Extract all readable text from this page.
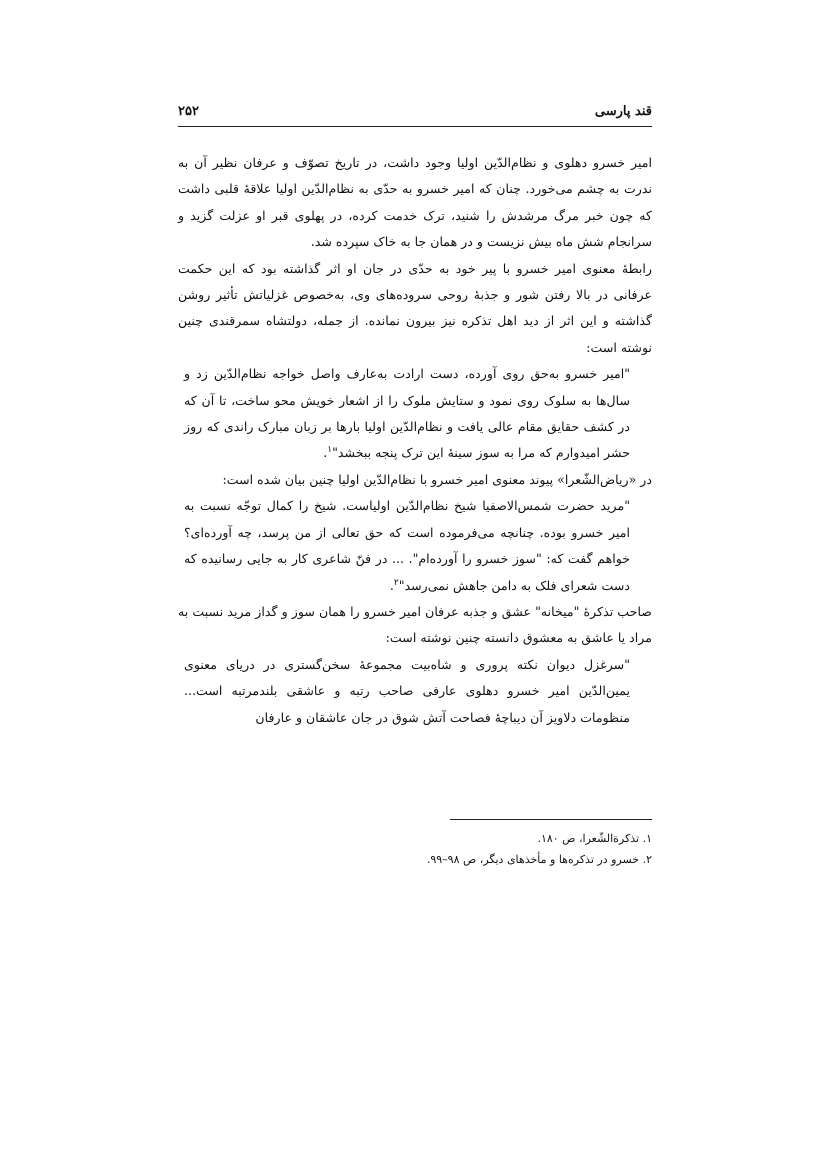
قند پارسی
۲۵۲

امیر خسرو دهلوی و نظام‌الدّین اولیا وجود داشت، در تاریخ تصوّف و عرفان نظیر آن به ندرت به چشم می‌خورد. چنان که امیر خسرو به حدّی به نظام‌الدّین اولیا علاقهٔ قلبی داشت که چون خبر مرگ مرشدش را شنید، ترک خدمت کرده، در پهلوی قبر او عزلت گزید و سرانجام شش ماه بیش نزیست و در همان جا به خاک سپرده شد.

رابطهٔ معنوی امیر خسرو با پیر خود به حدّی در جان او اثر گذاشته بود که این حکمت عرفانی در بالا رفتن شور و جذبهٔ روحی سروده‌های وی، به‌خصوص غزلیاتش تأثیر روشن گذاشته و این اثر از دید اهل تذکره نیز بیرون نمانده. از جمله، دولتشاه سمرقندی چنین نوشته است:

"امیر خسرو به‌حق روی آورده، دست ارادت به‌عارف واصل خواجه نظام‌الدّین زد و سال‌ها به سلوک روی نمود و ستایش ملوک را از اشعار خویش محو ساخت، تا آن که در کشف حقایق مقام عالی یافت و نظام‌الدّین اولیا بارها بر زبان مبارک راندی که روز حشر امیدوارم که مرا به سوز سینهٔ این ترک پنجه ببخشد"$^۱$.

در «ریاض‌الشّعرا» پیوند معنوی امیر خسرو با نظام‌الدّین اولیا چنین بیان شده است:

"مرید حضرت شمس‌الاصفیا شیخ نظام‌الدّین اولیاست. شیخ را کمال توجّه نسبت به امیر خسرو بوده. چنانچه می‌فرموده است که حق تعالی از من پرسد، چه آورده‌ای؟ خواهم گفت که: "سوز خسرو را آورده‌ام". ... در فنّ شاعری کار به جایی رسانیده که دست شعرای فلک به دامن جاهش نمی‌رسد"$^۲$.

صاحب تذکرهٔ "میخانه" عشق و جذبه عرفان امیر خسرو را همان سوز و گداز مرید نسبت به مراد یا عاشق به معشوق دانسته چنین نوشته است:

"سرغزل دیوان نکته پروری و شاه‌بیت مجموعهٔ سخن‌گستری در دریای معنوی یمین‌الدّین امیر خسرو دهلوی عارفی صاحب رتبه و عاشقی بلندمرتبه است... منظومات دلاویز آن دیباچهٔ فصاحت آتش شوق در جان عاشقان و عارفان

۱. تذکرةالشّعرا، ص ۱۸۰.
۲. خسرو در تذکره‌ها و مأخذهای دیگر، ص ۹۸–۹۹.
